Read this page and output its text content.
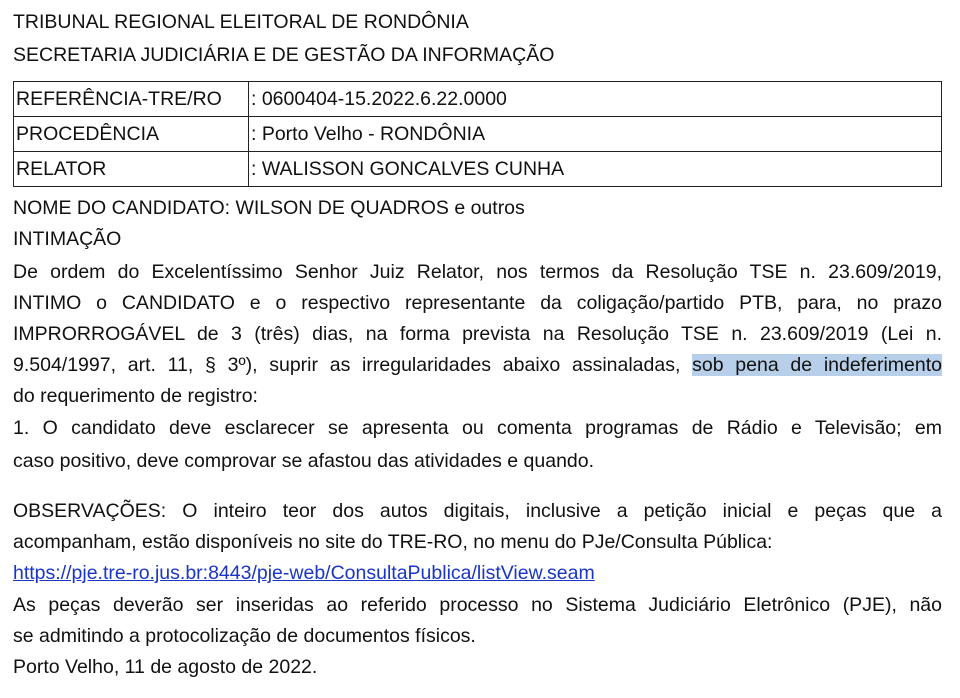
TRIBUNAL REGIONAL ELEITORAL DE RONDÔNIA
SECRETARIA JUDICIÁRIA E DE GESTÃO DA INFORMAÇÃO
REFERÊNCIA-TRE/RO	: 0600404-15.2022.6.22.0000
PROCEDÊNCIA	: Porto Velho - RONDÔNIA
RELATOR	: WALISSON GONCALVES CUNHA
NOME DO CANDIDATO: WILSON DE QUADROS e outros
INTIMAÇÃO
De ordem do Excelentíssimo Senhor Juiz Relator, nos termos da Resolução TSE n. 23.609/2019,
INTIMO o CANDIDATO e o respectivo representante da coligação/partido PTB, para, no prazo
IMPRORROGÁVEL de 3 (três) dias, na forma prevista na Resolução TSE n. 23.609/2019 (Lei n.
9.504/1997, art. 11, § 3º), suprir as irregularidades abaixo assinaladas, sob pena de indeferimento
do requerimento de registro:
1. O candidato deve esclarecer se apresenta ou comenta programas de Rádio e Televisão; em
caso positivo, deve comprovar se afastou das atividades e quando.
OBSERVAÇÕES: O inteiro teor dos autos digitais, inclusive a petição inicial e peças que a
acompanham, estão disponíveis no site do TRE-RO, no menu do PJe/Consulta Pública:
https://pje.tre-ro.jus.br:8443/pje-web/ConsultaPublica/listView.seam
As peças deverão ser inseridas ao referido processo no Sistema Judiciário Eletrônico (PJE), não
se admitindo a protocolização de documentos físicos.
Porto Velho, 11 de agosto de 2022.
